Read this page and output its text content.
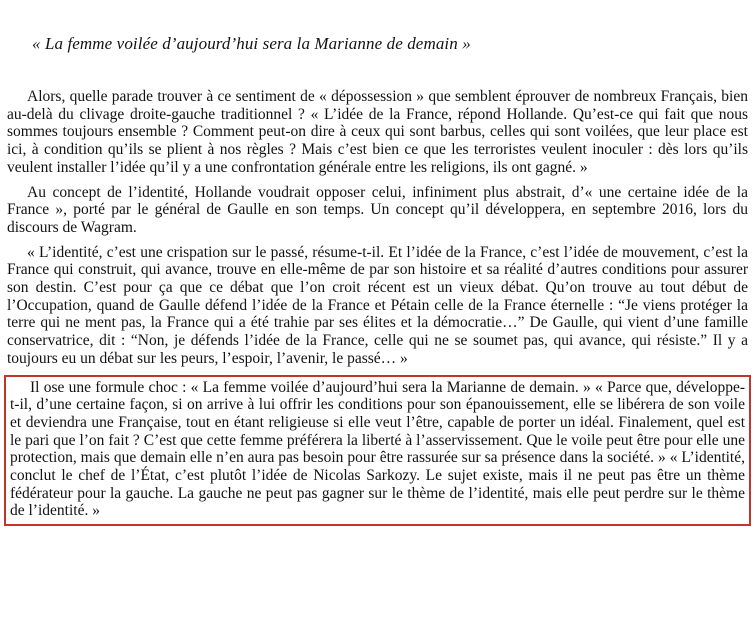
« La femme voilée d’aujourd’hui sera la Marianne de demain »

Alors, quelle parade trouver à ce sentiment de « dépossession » que semblent éprouver de nombreux Français, bien au-delà du clivage droite-gauche traditionnel ? « L’idée de la France, répond Hollande. Qu’est-ce qui fait que nous sommes toujours ensemble ? Comment peut-on dire à ceux qui sont barbus, celles qui sont voilées, que leur place est ici, à condition qu’ils se plient à nos règles ? Mais c’est bien ce que les terroristes veulent inoculer : dès lors qu’ils veulent installer l’idée qu’il y a une confrontation générale entre les religions, ils ont gagné. »

Au concept de l’identité, Hollande voudrait opposer celui, infiniment plus abstrait, d’« une certaine idée de la France », porté par le général de Gaulle en son temps. Un concept qu’il développera, en septembre 2016, lors du discours de Wagram.

« L’identité, c’est une crispation sur le passé, résume-t-il. Et l’idée de la France, c’est l’idée de mouvement, c’est la France qui construit, qui avance, trouve en elle-même de par son histoire et sa réalité d’autres conditions pour assurer son destin. C’est pour ça que ce débat que l’on croit récent est un vieux débat. Qu’on trouve au tout début de l’Occupation, quand de Gaulle défend l’idée de la France et Pétain celle de la France éternelle : “Je viens protéger la terre qui ne ment pas, la France qui a été trahie par ses élites et la démocratie…” De Gaulle, qui vient d’une famille conservatrice, dit : “Non, je défends l’idée de la France, celle qui ne se soumet pas, qui avance, qui résiste.” Il y a toujours eu un débat sur les peurs, l’espoir, l’avenir, le passé… »

Il ose une formule choc : « La femme voilée d’aujourd’hui sera la Marianne de demain. » « Parce que, développe-t-il, d’une certaine façon, si on arrive à lui offrir les conditions pour son épanouissement, elle se libérera de son voile et deviendra une Française, tout en étant religieuse si elle veut l’être, capable de porter un idéal. Finalement, quel est le pari que l’on fait ? C’est que cette femme préférera la liberté à l’asservissement. Que le voile peut être pour elle une protection, mais que demain elle n’en aura pas besoin pour être rassurée sur sa présence dans la société. » « L’identité, conclut le chef de l’État, c’est plutôt l’idée de Nicolas Sarkozy. Le sujet existe, mais il ne peut pas être un thème fédérateur pour la gauche. La gauche ne peut pas gagner sur le thème de l’identité, mais elle peut perdre sur le thème de l’identité. »
